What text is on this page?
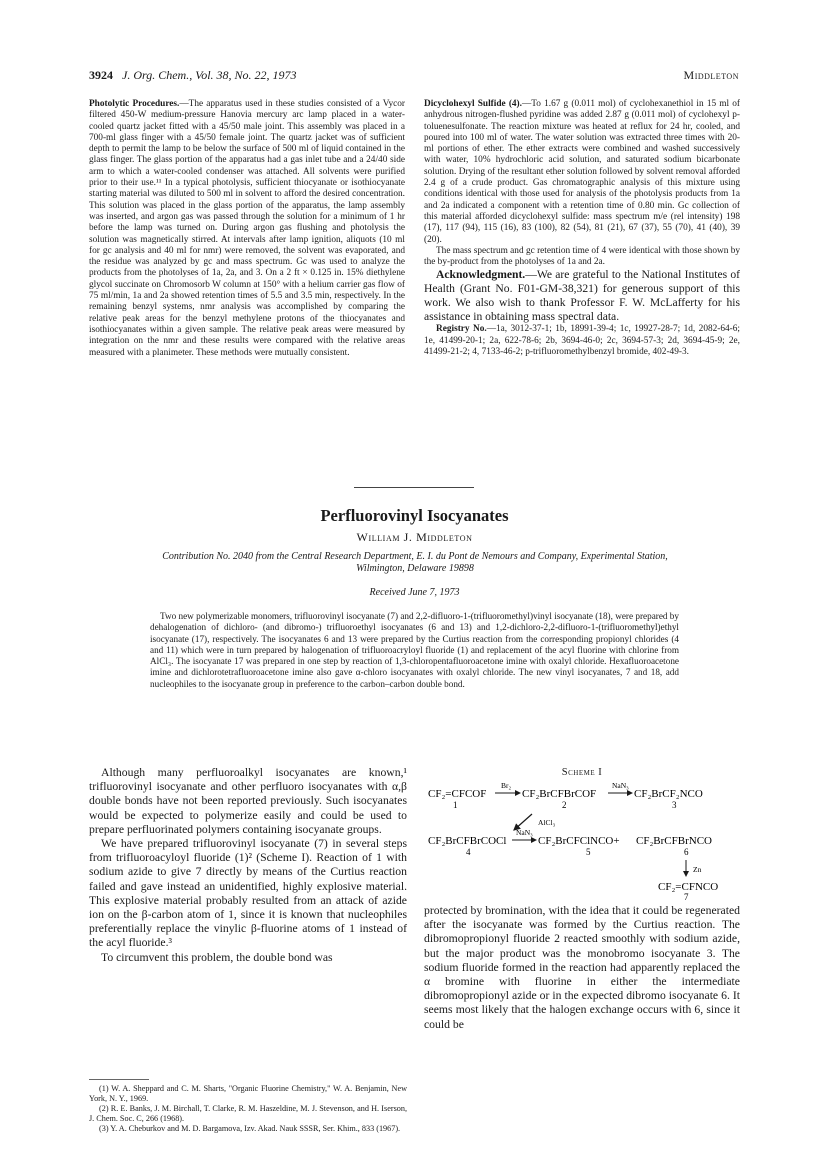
3924 J. Org. Chem., Vol. 38, No. 22, 1973	Middleton

Photolytic Procedures.—The apparatus used in these studies consisted of a Vycor filtered 450-W medium-pressure Hanovia mercury arc lamp placed in a water-cooled quartz jacket fitted with a 45/50 male joint. This assembly was placed in a 700-ml glass finger with a 45/50 female joint. The quartz jacket was of sufficient depth to permit the lamp to be below the surface of 500 ml of liquid contained in the glass finger. The glass portion of the apparatus had a gas inlet tube and a 24/40 side arm to which a water-cooled condenser was attached. All solvents were purified prior to their use.¹¹ In a typical photolysis, sufficient thiocyanate or isothiocyanate starting material was diluted to 500 ml in solvent to afford the desired concentration. This solution was placed in the glass portion of the apparatus, the lamp assembly was inserted, and argon gas was passed through the solution for a minimum of 1 hr before the lamp was turned on. During argon gas flushing and photolysis the solution was magnetically stirred. At intervals after lamp ignition, aliquots (10 ml for gc analysis and 40 ml for nmr) were removed, the solvent was evaporated, and the residue was analyzed by gc and mass spectrum. Gc was used to analyze the products from the photolyses of 1a, 2a, and 3. On a 2 ft × 0.125 in. 15% diethylene glycol succinate on Chromosorb W column at 150° with a helium carrier gas flow of 75 ml/min, 1a and 2a showed retention times of 5.5 and 3.5 min, respectively. In the remaining benzyl systems, nmr analysis was accomplished by comparing the relative peak areas for the benzyl methylene protons of the thiocyanates and isothiocyanates within a given sample. The relative peak areas were measured by integration on the nmr and these results were compared with the relative areas measured with a planimeter. These methods were mutually consistent.

Dicyclohexyl Sulfide (4).—To 1.67 g (0.011 mol) of cyclohexanethiol in 15 ml of anhydrous nitrogen-flushed pyridine was added 2.87 g (0.011 mol) of cyclohexyl p-toluenesulfonate. The reaction mixture was heated at reflux for 24 hr, cooled, and poured into 100 ml of water. The water solution was extracted three times with 20-ml portions of ether. The ether extracts were combined and washed successively with water, 10% hydrochloric acid solution, and saturated sodium bicarbonate solution. Drying of the resultant ether solution followed by solvent removal afforded 2.4 g of a crude product. Gas chromatographic analysis of this mixture using conditions identical with those used for analysis of the photolysis products from 1a and 2a indicated a component with a retention time of 0.80 min. Gc collection of this material afforded dicyclohexyl sulfide: mass spectrum m/e (rel intensity) 198 (17), 117 (94), 115 (16), 83 (100), 82 (54), 81 (21), 67 (37), 55 (70), 41 (40), 39 (20).

The mass spectrum and gc retention time of 4 were identical with those shown by the by-product from the photolyses of 1a and 2a.

Acknowledgment.—We are grateful to the National Institutes of Health (Grant No. F01-GM-38,321) for generous support of this work. We also wish to thank Professor F. W. McLafferty for his assistance in obtaining mass spectral data.

Registry No.—1a, 3012-37-1; 1b, 18991-39-4; 1c, 19927-28-7; 1d, 2082-64-6; 1e, 41499-20-1; 2a, 622-78-6; 2b, 3694-46-0; 2c, 3694-57-3; 2d, 3694-45-9; 2e, 41499-21-2; 4, 7133-46-2; p-trifluoromethylbenzyl bromide, 402-49-3.

Perfluorovinyl Isocyanates
William J. Middleton
Contribution No. 2040 from the Central Research Department, E. I. du Pont de Nemours and Company, Experimental Station, Wilmington, Delaware 19898
Received June 7, 1973
Two new polymerizable monomers, trifluorovinyl isocyanate (7) and 2,2-difluoro-1-(trifluoromethyl)vinyl isocyanate (18), were prepared by dehalogenation of dichloro- (and dibromo-) trifluoroethyl isocyanates (6 and 13) and 1,2-dichloro-2,2-difluoro-1-(trifluoromethyl)ethyl isocyanate (17), respectively. The isocyanates 6 and 13 were prepared by the Curtius reaction from the corresponding propionyl chlorides (4 and 11) which were in turn prepared by halogenation of trifluoroacryloyl fluoride (1) and replacement of the acyl fluorine with chlorine from AlCl₃. The isocyanate 17 was prepared in one step by reaction of 1,3-chloropentafluoroacetone imine with oxalyl chloride. Hexafluoroacetone imine and dichlorotetrafluoroacetone imine also gave α-chloro isocyanates with oxalyl chloride. The new vinyl isocyanates, 7 and 18, add nucleophiles to the isocyanate group in preference to the carbon–carbon double bond.

Although many perfluoroalkyl isocyanates are known,¹ trifluorovinyl isocyanate and other perfluoro isocyanates with α,β double bonds have not been reported previously. Such isocyanates would be expected to polymerize easily and could be used to prepare perfluorinated polymers containing isocyanate groups.

We have prepared trifluorovinyl isocyanate (7) in several steps from trifluoroacyloyl fluoride (1)² (Scheme I). Reaction of 1 with sodium azide to give 7 directly by means of the Curtius reaction failed and gave instead an unidentified, highly explosive material. This explosive material probably resulted from an attack of azide ion on the β-carbon atom of 1, since it is known that nucleophiles preferentially replace the vinylic β-fluorine atoms of 1 instead of the acyl fluoride.³

To circumvent this problem, the double bond was

(1) W. A. Sheppard and C. M. Sharts, "Organic Fluorine Chemistry," W. A. Benjamin, New York, N. Y., 1969.

(2) R. E. Banks, J. M. Birchall, T. Clarke, R. M. Haszeldine, M. J. Stevenson, and H. Iserson, J. Chem. Soc. C, 266 (1968).

(3) Y. A. Cheburkov and M. D. Bargamova, Izv. Akad. Nauk SSSR, Ser. Khim., 833 (1967).

Scheme I
CF₂=CFCOF
1
Br₂
CF₂BrCFBrCOF
2
NaN₃
CF₂BrCF₂NCO
3
AlCl₃
CF₂BrCFBrCOCl
4
NaN₃
CF₂BrCFClNCO+
5
CF₂BrCFBrNCO
6
Zn
CF₂=CFNCO
7

protected by bromination, with the idea that it could be regenerated after the isocyanate was formed by the Curtius reaction. The dibromopropionyl fluoride 2 reacted smoothly with sodium azide, but the major product was the monobromo isocyanate 3. The sodium fluoride formed in the reaction had apparently replaced the α bromine with fluorine in either the intermediate dibromopropionyl azide or in the expected dibromo isocyanate 6. It seems most likely that the halogen exchange occurs with 6, since it could be
